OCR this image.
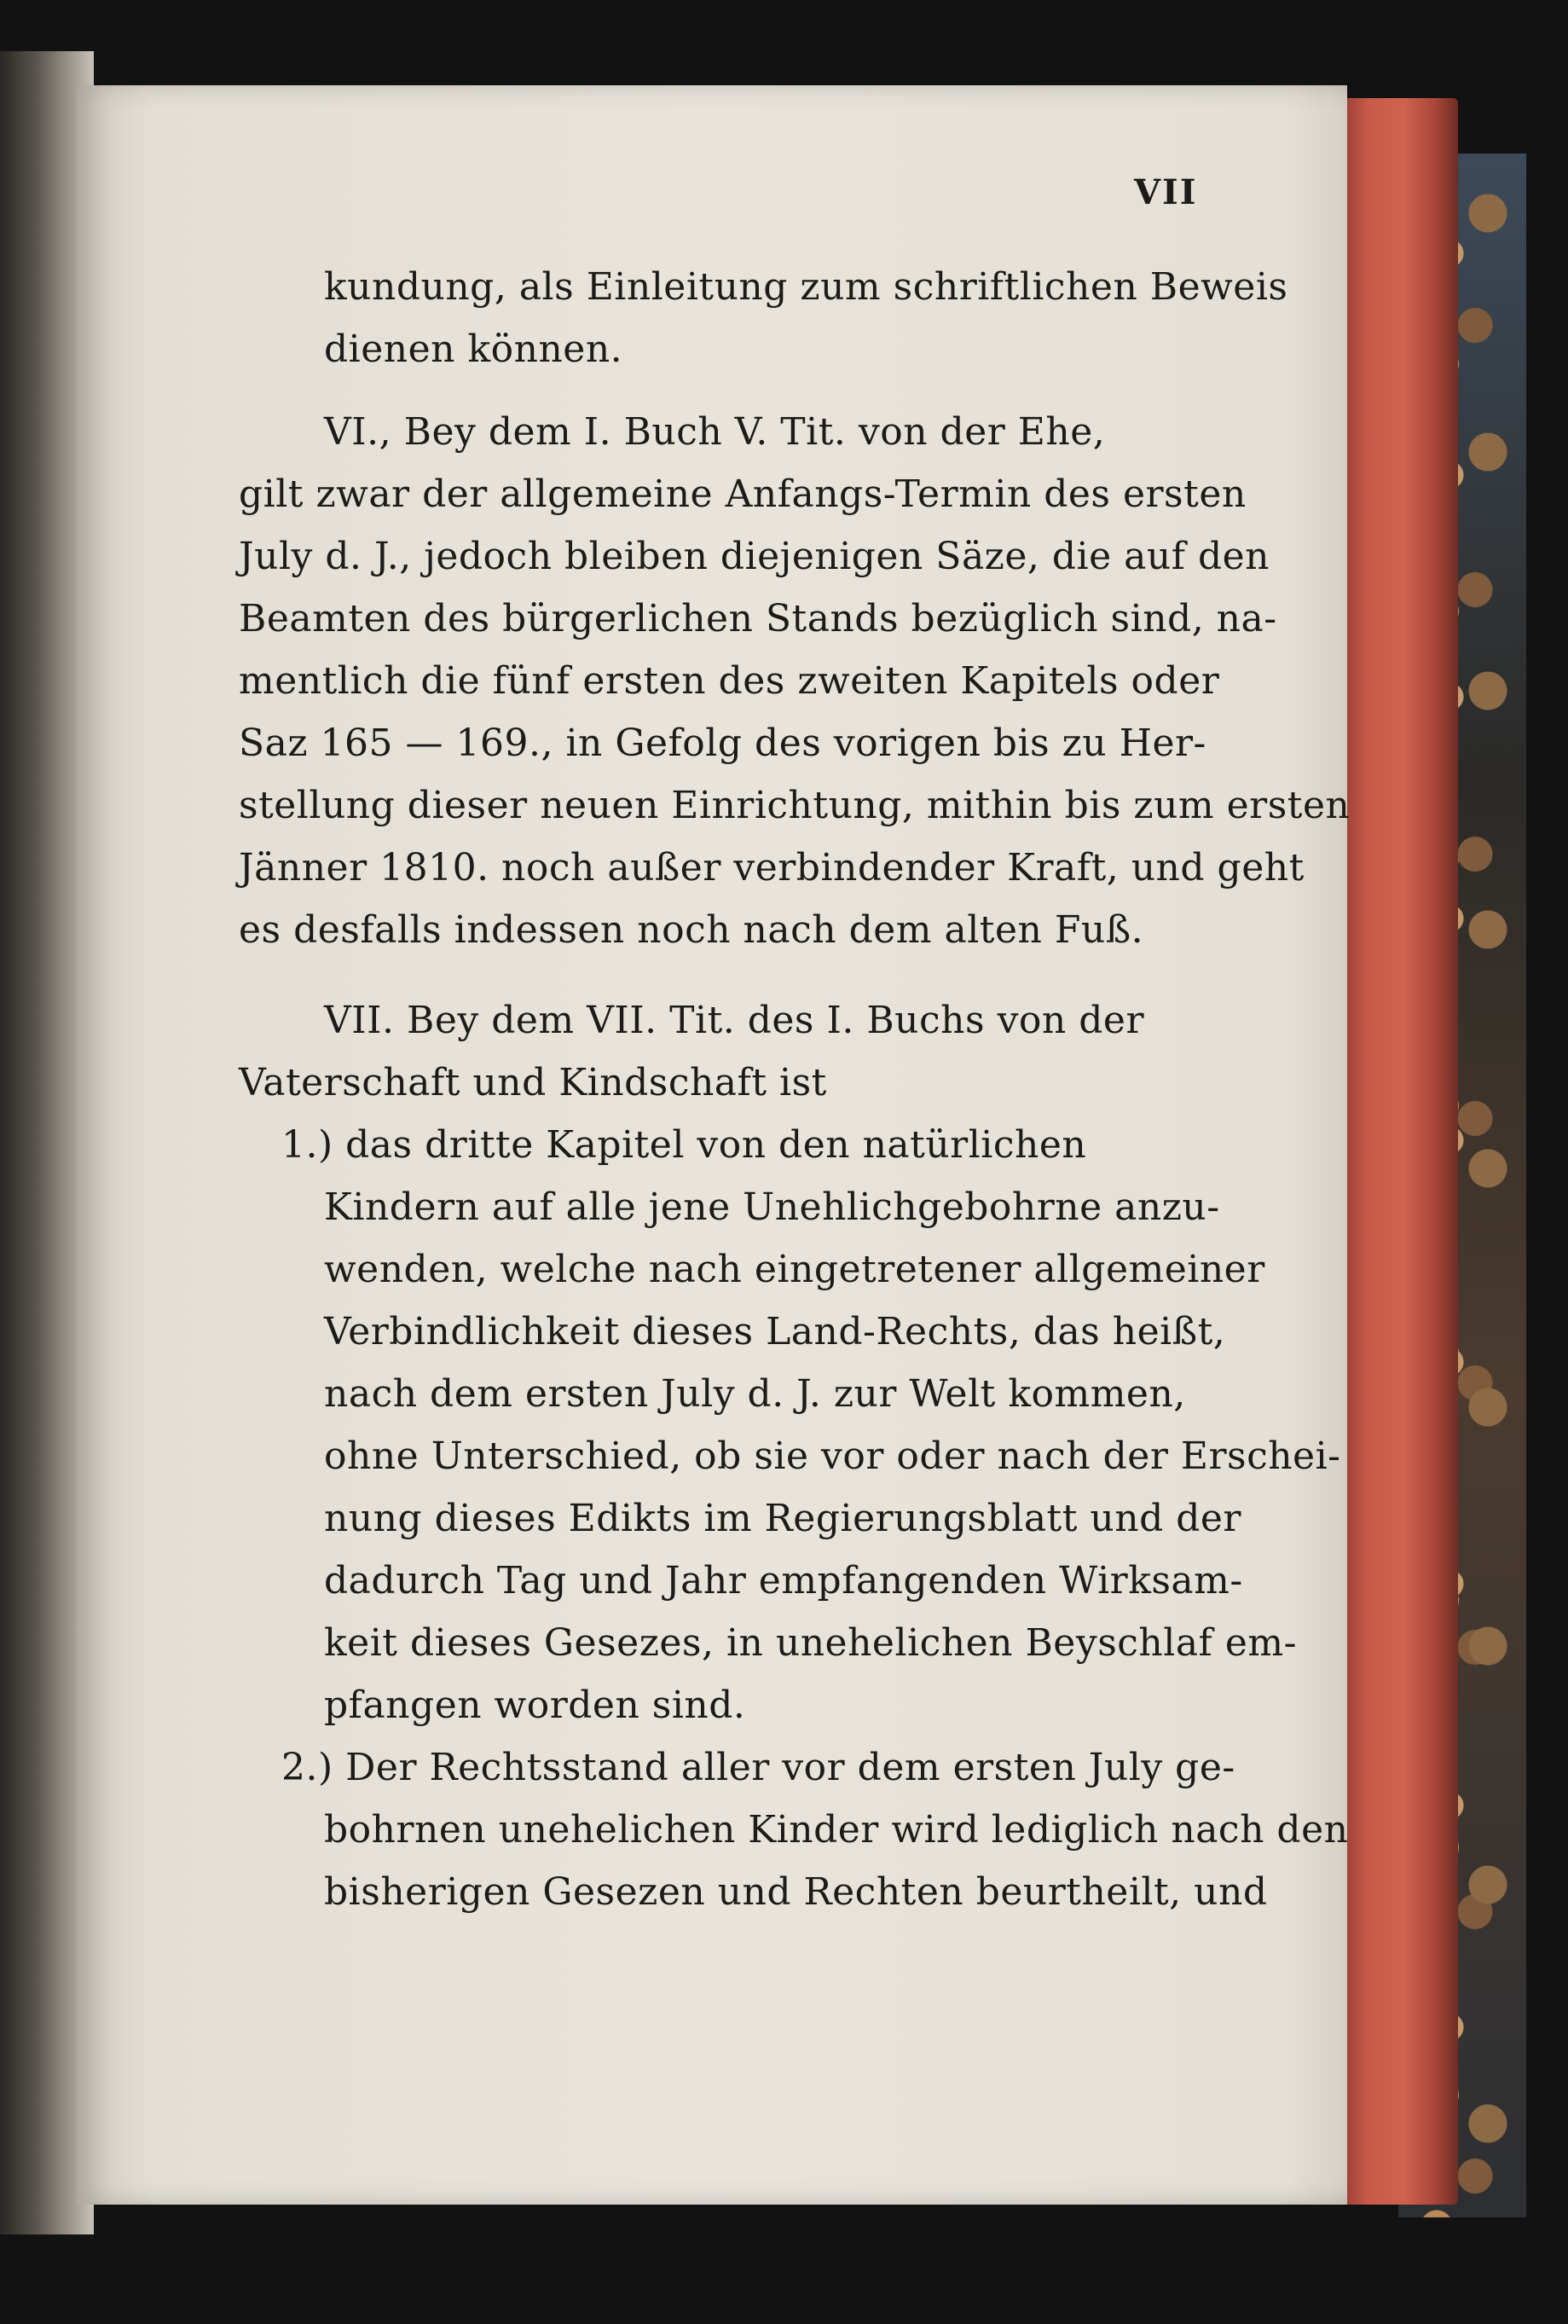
VII
kundung, als Einleitung zum schriftlichen Beweis
dienen können.
VI., Bey dem I. Buch V. Tit. von der Ehe,
gilt zwar der allgemeine Anfangs-Termin des ersten
July d. J., jedoch bleiben diejenigen Säze, die auf den
Beamten des bürgerlichen Stands bezüglich sind, na-
mentlich die fünf ersten des zweiten Kapitels oder
Saz 165 — 169., in Gefolg des vorigen bis zu Her-
stellung dieser neuen Einrichtung, mithin bis zum ersten
Jänner 1810. noch außer verbindender Kraft, und geht
es desfalls indessen noch nach dem alten Fuß.
VII. Bey dem VII. Tit. des I. Buchs von der
Vaterschaft und Kindschaft ist
1.) das dritte Kapitel von den natürlichen
Kindern auf alle jene Unehlichgebohrne anzu-
wenden, welche nach eingetretener allgemeiner
Verbindlichkeit dieses Land-Rechts, das heißt,
nach dem ersten July d. J. zur Welt kommen,
ohne Unterschied, ob sie vor oder nach der Erschei-
nung dieses Edikts im Regierungsblatt und der
dadurch Tag und Jahr empfangenden Wirksam-
keit dieses Gesezes, in unehelichen Beyschlaf em-
pfangen worden sind.
2.) Der Rechtsstand aller vor dem ersten July ge-
bohrnen unehelichen Kinder wird lediglich nach den
bisherigen Gesezen und Rechten beurtheilt, und
